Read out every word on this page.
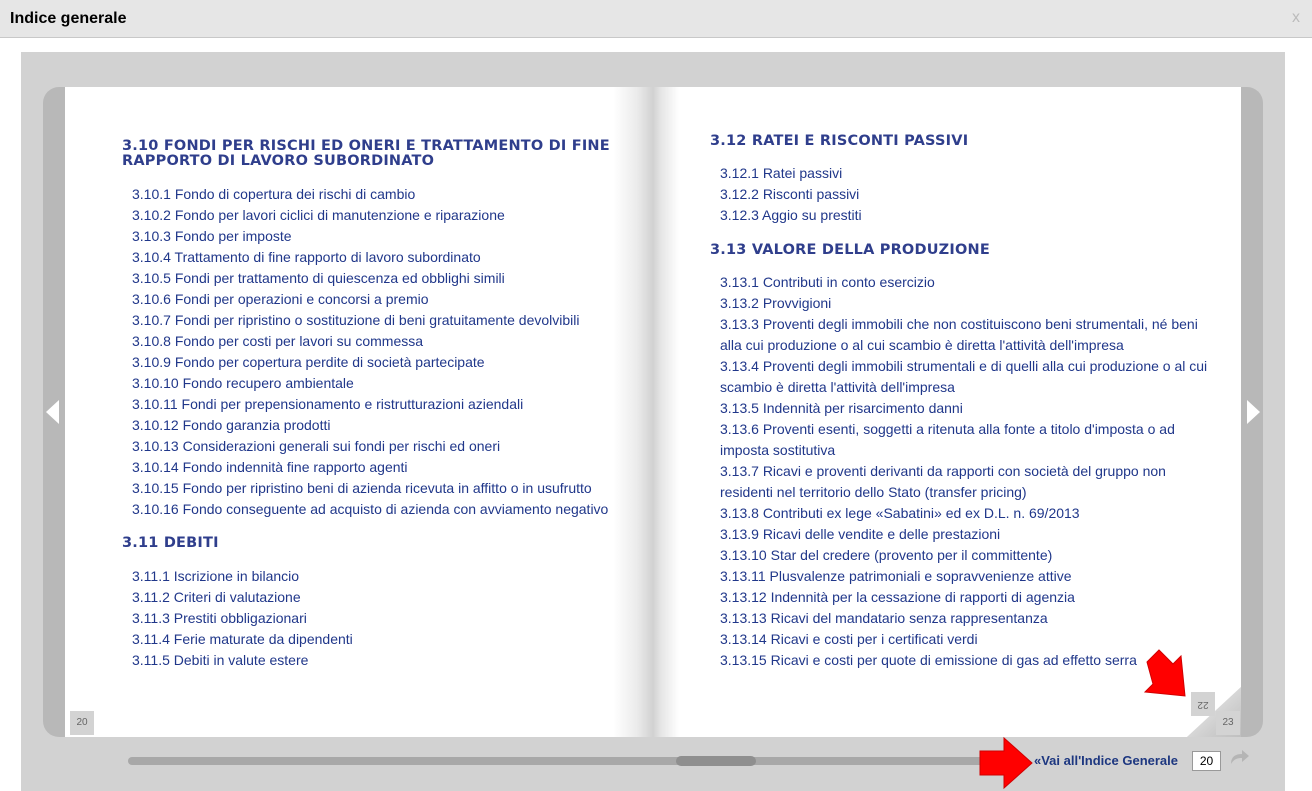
Indice generale	x
3.10 FONDI PER RISCHI ED ONERI E TRATTAMENTO DI FINE RAPPORTO DI LAVORO SUBORDINATO
3.10.1 Fondo di copertura dei rischi di cambio
3.10.2 Fondo per lavori ciclici di manutenzione e riparazione
3.10.3 Fondo per imposte
3.10.4 Trattamento di fine rapporto di lavoro subordinato
3.10.5 Fondi per trattamento di quiescenza ed obblighi simili
3.10.6 Fondi per operazioni e concorsi a premio
3.10.7 Fondi per ripristino o sostituzione di beni gratuitamente devolvibili
3.10.8 Fondo per costi per lavori su commessa
3.10.9 Fondo per copertura perdite di società partecipate
3.10.10 Fondo recupero ambientale
3.10.11 Fondi per prepensionamento e ristrutturazioni aziendali
3.10.12 Fondo garanzia prodotti
3.10.13 Considerazioni generali sui fondi per rischi ed oneri
3.10.14 Fondo indennità fine rapporto agenti
3.10.15 Fondo per ripristino beni di azienda ricevuta in affitto o in usufrutto
3.10.16 Fondo conseguente ad acquisto di azienda con avviamento negativo
3.11 DEBITI
3.11.1 Iscrizione in bilancio
3.11.2 Criteri di valutazione
3.11.3 Prestiti obbligazionari
3.11.4 Ferie maturate da dipendenti
3.11.5 Debiti in valute estere
20
3.12 RATEI E RISCONTI PASSIVI
3.12.1 Ratei passivi
3.12.2 Risconti passivi
3.12.3 Aggio su prestiti
3.13 VALORE DELLA PRODUZIONE
3.13.1 Contributi in conto esercizio
3.13.2 Provvigioni
3.13.3 Proventi degli immobili che non costituiscono beni strumentali, né beni alla cui produzione o al cui scambio è diretta l'attività dell'impresa
3.13.4 Proventi degli immobili strumentali e di quelli alla cui produzione o al cui scambio è diretta l'attività dell'impresa
3.13.5 Indennità per risarcimento danni
3.13.6 Proventi esenti, soggetti a ritenuta alla fonte a titolo d'imposta o ad imposta sostitutiva
3.13.7 Ricavi e proventi derivanti da rapporti con società del gruppo non residenti nel territorio dello Stato (transfer pricing)
3.13.8 Contributi ex lege «Sabatini» ed ex D.L. n. 69/2013
3.13.9 Ricavi delle vendite e delle prestazioni
3.13.10 Star del credere (provento per il committente)
3.13.11 Plusvalenze patrimoniali e sopravvenienze attive
3.13.12 Indennità per la cessazione di rapporti di agenzia
3.13.13 Ricavi del mandatario senza rappresentanza
3.13.14 Ricavi e costi per i certificati verdi
3.13.15 Ricavi e costi per quote di emissione di gas ad effetto serra
22
23
«Vai all'Indice Generale
20
